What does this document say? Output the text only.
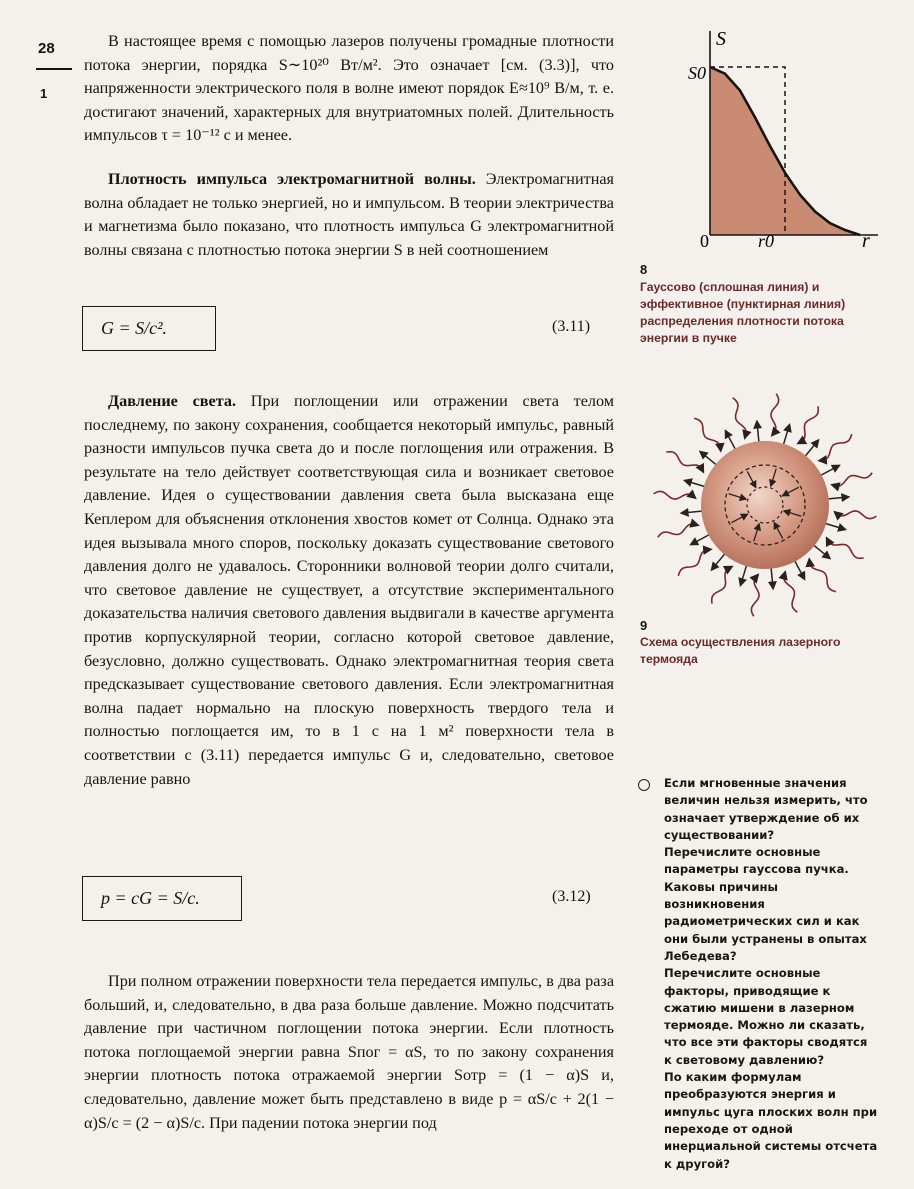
28
1

В настоящее время с помощью лазеров получены громадные плотности потока энергии, порядка S∼10²⁰ Вт/м². Это означает [см. (3.3)], что напряженности электрического поля в волне имеют порядок E≈10⁹ В/м, т. е. достигают значений, характерных для внутриатомных полей. Длительность импульсов τ = 10⁻¹² с и менее.

Плотность импульса электромагнитной волны. Электромагнитная волна обладает не только энергией, но и импульсом. В теории электричества и магнетизма было показано, что плотность импульса G электромагнитной волны связана с плотностью потока энергии S в ней соотношением

G = S/c².	(3.11)

Давление света. При поглощении или отражении света телом последнему, по закону сохранения, сообщается некоторый импульс, равный разности импульсов пучка света до и после поглощения или отражения. В результате на тело действует соответствующая сила и возникает световое давление. Идея о существовании давления света была высказана еще Кеплером для объяснения отклонения хвостов комет от Солнца. Однако эта идея вызывала много споров, поскольку доказать существование светового давления долго не удавалось. Сторонники волновой теории долго считали, что световое давление не существует, а отсутствие экспериментального доказательства наличия светового давления выдвигали в качестве аргумента против корпускулярной теории, согласно которой световое давление, безусловно, должно существовать. Однако электромагнитная теория света предсказывает существование светового давления. Если электромагнитная волна падает нормально на плоскую поверхность твердого тела и полностью поглощается им, то в 1 с на 1 м² поверхности тела в соответствии с (3.11) передается импульс G и, следовательно, световое давление равно

p = cG = S/c.	(3.12)

При полном отражении поверхности тела передается импульс, в два раза больший, и, следовательно, в два раза больше давление. Можно подсчитать давление при частичном поглощении потока энергии. Если плотность потока поглощаемой энергии равна Sпог = αS, то по закону сохранения энергии плотность потока отражаемой энергии Sотр = (1 − α)S и, следовательно, давление может быть представлено в виде p = αS/c + 2(1 − α)S/c = (2 − α)S/c. При падении потока энергии под

S
S0
0	r0	r
8
Гауссово (сплошная линия) и эффективное (пунктирная линия) распределения плотности потока энергии в пучке
9
Схема осуществления лазерного термояда

Если мгновенные значения величин нельзя измерить, что означает утверждение об их существовании?

Перечислите основные параметры гауссова пучка.

Каковы причины возникновения радиометрических сил и как они были устранены в опытах Лебедева?

Перечислите основные факторы, приводящие к сжатию мишени в лазерном термояде. Можно ли сказать, что все эти факторы сводятся к световому давлению?

По каким формулам преобразуются энергия и импульс цуга плоских волн при переходе от одной инерциальной системы отсчета к другой?
